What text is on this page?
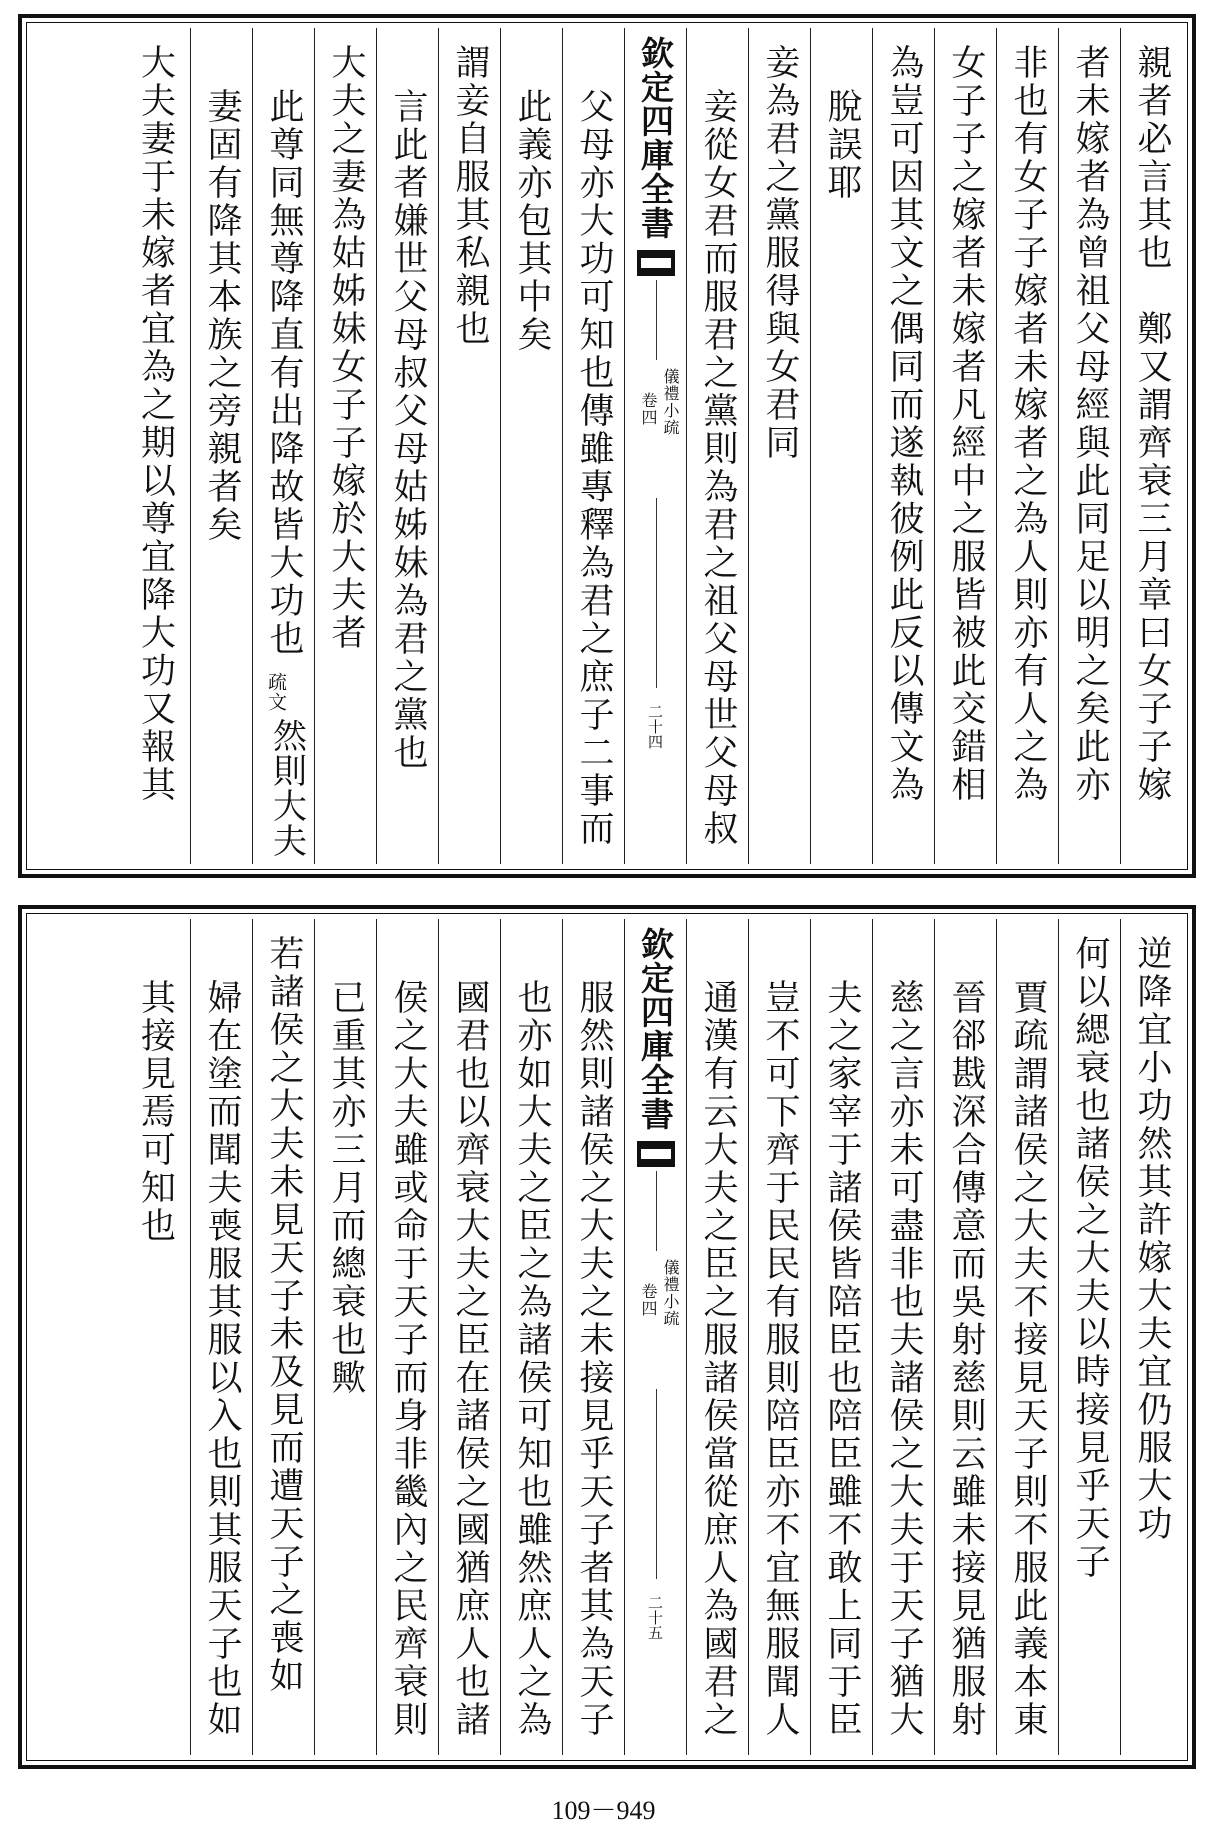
親者必言其也　鄭又謂齊衰三月章曰女子子嫁
者未嫁者為曾祖父母經與此同足以明之矣此亦
非也有女子子嫁者未嫁者之為人則亦有人之為
女子子之嫁者未嫁者凡經中之服皆被此交錯相
為豈可因其文之偶同而遂執彼例此反以傳文為
脫誤耶
妾為君之黨服得與女君同
妾從女君而服君之黨則為君之祖父母世父母叔
欽定四庫全書
儀禮小疏
卷四
二十四
父母亦大功可知也傳雖專釋為君之庶子二事而
此義亦包其中矣
謂妾自服其私親也
言此者嫌世父母叔父母姑姊妹為君之黨也
大夫之妻為姑姊妹女子子嫁於大夫者
此尊同無尊降直有出降故皆大功也
疏文
然則大夫
妻固有降其本族之旁親者矣
大夫妻于未嫁者宜為之期以尊宜降大功又報其
逆降宜小功然其許嫁大夫宜仍服大功
何以緦衰也諸侯之大夫以時接見乎天子
賈疏謂諸侯之大夫不接見天子則不服此義本東
晉郤戡深合傳意而吳射慈則云雖未接見猶服射
慈之言亦未可盡非也夫諸侯之大夫于天子猶大
夫之家宰于諸侯皆陪臣也陪臣雖不敢上同于臣
豈不可下齊于民民有服則陪臣亦不宜無服聞人
通漢有云大夫之臣之服諸侯當從庶人為國君之
欽定四庫全書
儀禮小疏
卷四
二十五
服然則諸侯之大夫之未接見乎天子者其為天子
也亦如大夫之臣之為諸侯可知也雖然庶人之為
國君也以齊衰大夫之臣在諸侯之國猶庶人也諸
侯之大夫雖或命于天子而身非畿內之民齊衰則
已重其亦三月而總衰也歟
若諸侯之大夫未見天子未及見而遭天子之喪如
婦在塗而聞夫喪服其服以入也則其服天子也如
其接見焉可知也
109－949
